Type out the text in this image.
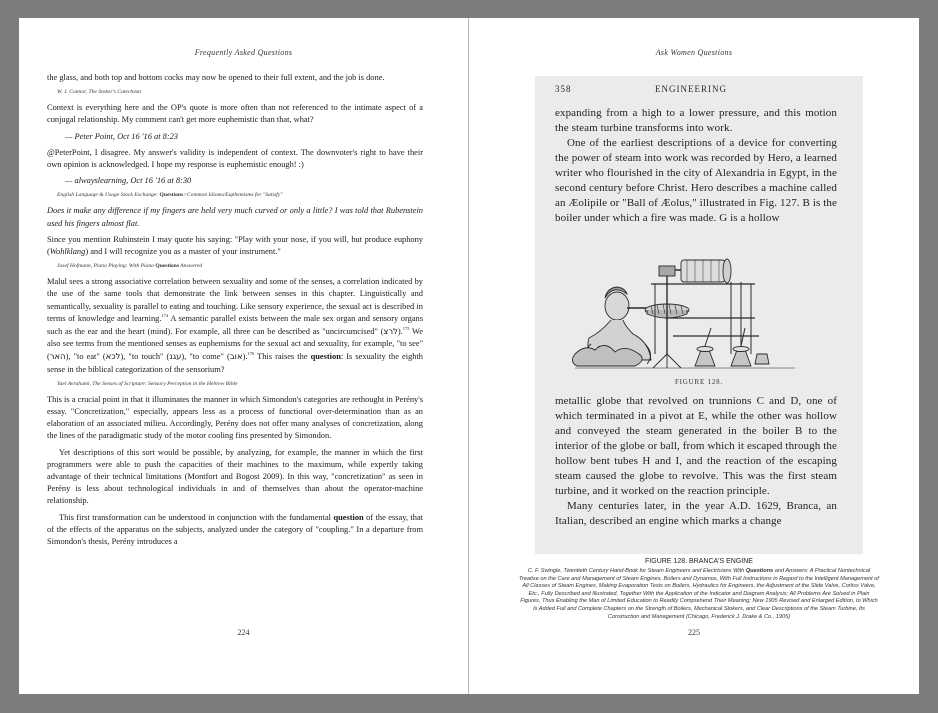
Frequently Asked Questions

the glass, and both top and bottom cocks may now be opened to their full extent, and the job is done.

W. J. Connor, The Stoker's Catechism

Context is everything here and the OP's quote is more often than not referenced to the intimate aspect of a conjugal relationship. My comment can't get more euphemistic than that, what?

— Peter Point, Oct 16 '16 at 8:23

@PeterPoint, I disagree. My answer's validity is independent of context. The downvoter's right to have their own opinion is acknowledged. I hope my response is euphemistic enough! :)

— alwayslearning, Oct 16 '16 at 8:30
English Language & Usage Stack Exchange: Questions>Common Idioms/Euphemisms for "Satisfy"

Does it make any difference if my fingers are held very much curved or only a little? I was told that Rubenstein used his fingers almost flat.

Since you mention Rubinstein I may quote his saying: "Play with your nose, if you will, but produce euphony (Wohlklang) and I will recognize you as a master of your instrument."

Josef Hofmann, Piano Playing: With Piano Questions Answered

Malul sees a strong associative correlation between sexuality and some of the senses, a correlation indicated by the use of the same tools that demonstrate the link between senses in this chapter. Linguistically and semantically, sexuality is parallel to eating and touching. Like sensory experience, the sexual act is described in terms of knowledge and learning.$^{174}$ A semantic parallel exists between the male sex organ and sensory organs such as the ear and the heart (mind). For example, all three can be described as "uncircumcised" (לרצ).$^{175}$ We also see terms from the mentioned senses as euphemisms for the sexual act and sexuality, for example, "to see" (האר), "to eat" (לכא), "to touch" (עגנ), "to come" (אוב).$^{176}$ This raises the question: Is sexuality the eighth sense in the biblical categorization of the sensorium?

Yael Avrahami, The Senses of Scripture: Sensory Perception in the Hebrew Bible

This is a crucial point in that it illuminates the manner in which Simondon's categories are rethought in Perény's essay. "Concretization," especially, appears less as a process of functional over-determination than as an elaboration of an associated milieu. Accordingly, Perény does not offer many analyses of concretization, along the lines of the paradigmatic study of the motor cooling fins presented by Simondon.

Yet descriptions of this sort would be possible, by analyzing, for example, the manner in which the first programmers were able to push the capacities of their machines to the maximum, while expertly taking advantage of their technical limitations (Montfort and Bogost 2009). In this way, "concretization" as seen in Perény is less about technological individuals in and of themselves than about the operator-machine relationship.

This first transformation can be understood in conjunction with the fundamental question of the essay, that of the effects of the apparatus on the subjects, analyzed under the category of "coupling." In a departure from Simondon's thesis, Perény introduces a

224
Ask Women Questions
358	ENGINEERING

expanding from a high to a lower pressure, and this motion the steam turbine transforms into work.

One of the earliest descriptions of a device for converting the power of steam into work was recorded by Hero, a learned writer who flourished in the city of Alexandria in Egypt, in the second century before Christ. Hero describes a machine called an Æolipile or "Ball of Æolus," illustrated in Fig. 127. B is the boiler under which a fire was made. G is a hollow

FIGURE 128.

metallic globe that revolved on trunnions C and D, one of which terminated in a pivot at E, while the other was hollow and conveyed the steam generated in the boiler B to the interior of the globe or ball, from which it escaped through the hollow bent tubes H and I, and the reaction of the escaping steam caused the globe to revolve. This was the first steam turbine, and it worked on the reaction principle.

Many centuries later, in the year A.D. 1629, Branca, an Italian, described an engine which marks a change

FIGURE 128. BRANCA'S ENGINE
C. F. Swingle, Twentieth Century Hand-Book for Steam Engineers and Electricians With Questions and Answers: A Practical Nontechnical Treatise on the Care and Management of Steam Engines, Boilers and Dynamos, With Full Instructions in Regard to the Intelligent Management of All Classes of Steam Engines, Making Evaporation Tests on Boilers, Hydraulics for Engineers, the Adjustment of the Slide Valve, Corliss Valve, Etc., Fully Described and Illustrated, Together With the Application of the Indicator and Diagram Analysis; All Problems Are Solved in Plain Figures, Thus Enabling the Man of Limited Education to Readily Comprehend Their Meaning; New 1905 Revised and Enlarged Edition, to Which Is Added Full and Complete Chapters on the Strength of Boilers, Mechanical Stokers, and Clear Descriptions of the Steam Turbine, Its Construction and Management (Chicago, Frederick J. Drake & Co., 1905)
225
